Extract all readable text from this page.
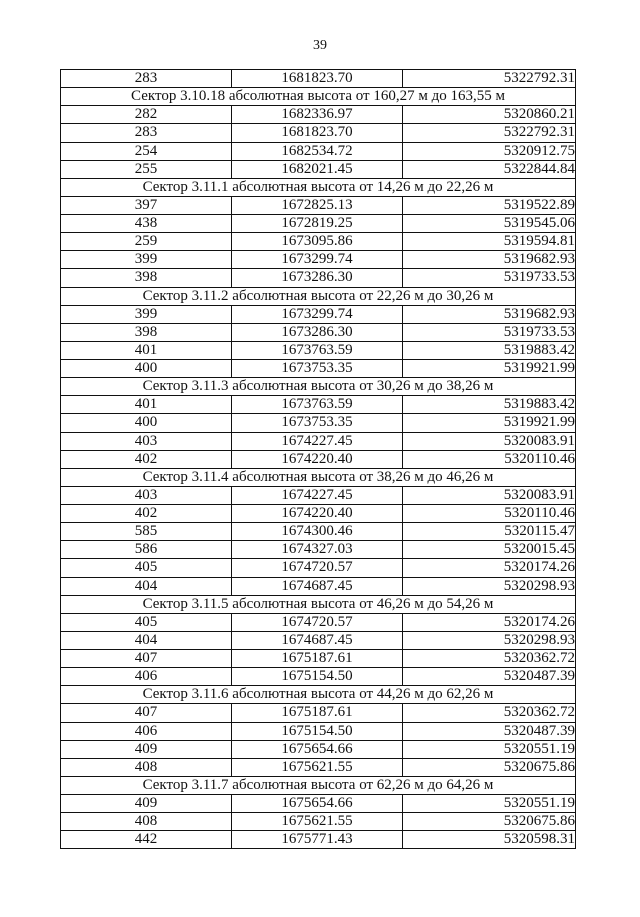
39
283	1681823.70	5322792.31
Сектор 3.10.18 абсолютная высота от 160,27 м до 163,55 м		
282	1682336.97	5320860.21
283	1681823.70	5322792.31
254	1682534.72	5320912.75
255	1682021.45	5322844.84
Сектор 3.11.1 абсолютная высота от 14,26 м до 22,26 м		
397	1672825.13	5319522.89
438	1672819.25	5319545.06
259	1673095.86	5319594.81
399	1673299.74	5319682.93
398	1673286.30	5319733.53
Сектор 3.11.2 абсолютная высота от 22,26 м до 30,26 м		
399	1673299.74	5319682.93
398	1673286.30	5319733.53
401	1673763.59	5319883.42
400	1673753.35	5319921.99
Сектор 3.11.3 абсолютная высота от 30,26 м до 38,26 м		
401	1673763.59	5319883.42
400	1673753.35	5319921.99
403	1674227.45	5320083.91
402	1674220.40	5320110.46
Сектор 3.11.4 абсолютная высота от 38,26 м до 46,26 м		
403	1674227.45	5320083.91
402	1674220.40	5320110.46
585	1674300.46	5320115.47
586	1674327.03	5320015.45
405	1674720.57	5320174.26
404	1674687.45	5320298.93
Сектор 3.11.5 абсолютная высота от 46,26 м до 54,26 м		
405	1674720.57	5320174.26
404	1674687.45	5320298.93
407	1675187.61	5320362.72
406	1675154.50	5320487.39
Сектор 3.11.6 абсолютная высота от 44,26 м до 62,26 м		
407	1675187.61	5320362.72
406	1675154.50	5320487.39
409	1675654.66	5320551.19
408	1675621.55	5320675.86
Сектор 3.11.7 абсолютная высота от 62,26 м до 64,26 м		
409	1675654.66	5320551.19
408	1675621.55	5320675.86
442	1675771.43	5320598.31
